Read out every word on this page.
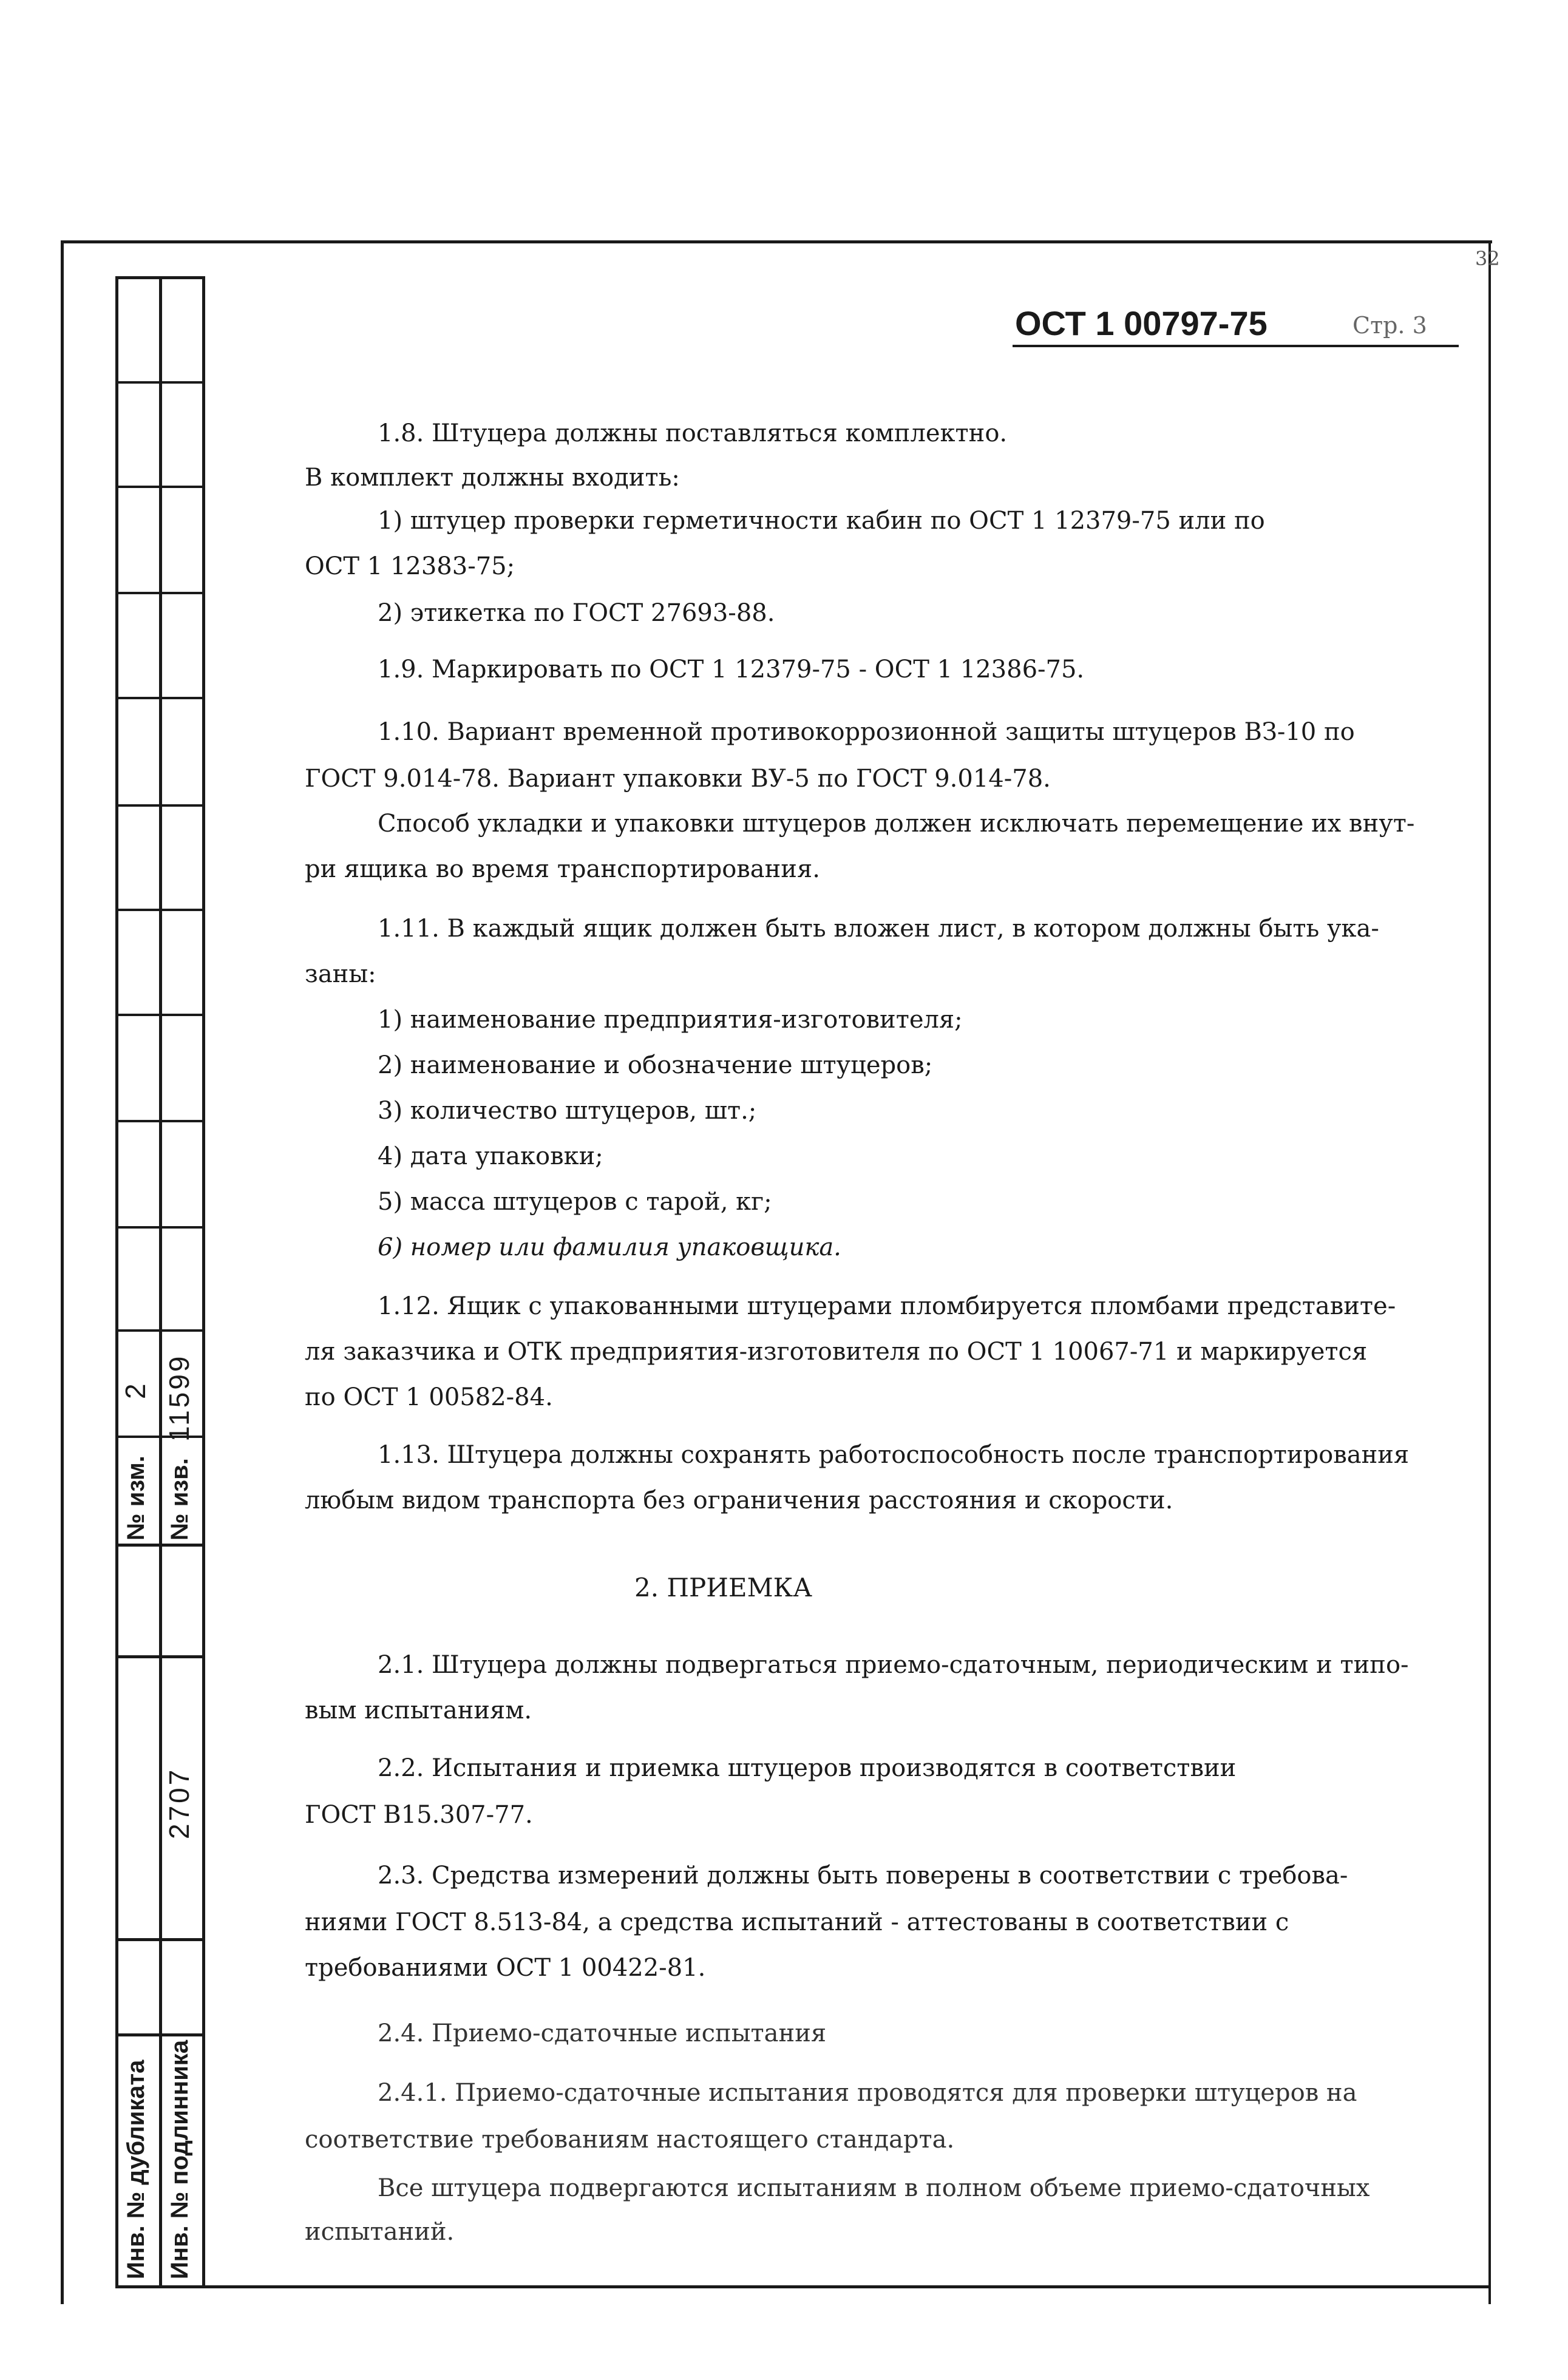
№ изм.
2
№ изв.
11599
2707
Инв. № дубликата Инв. № подлинника
32
ОСТ 1 00797-75	Стр. 3
1.8. Штуцера должны поставляться комплектно.
В комплект должны входить:
1) штуцер проверки герметичности кабин по ОСТ 1 12379-75 или по
ОСТ 1 12383-75;
2) этикетка по ГОСТ 27693-88.
1.9. Маркировать по ОСТ 1 12379-75 - ОСТ 1 12386-75.
1.10. Вариант временной противокоррозионной защиты штуцеров ВЗ-10 по
ГОСТ 9.014-78. Вариант упаковки ВУ-5 по ГОСТ 9.014-78.
Способ укладки и упаковки штуцеров должен исключать перемещение их внут-
ри ящика во время транспортирования.
1.11. В каждый ящик должен быть вложен лист, в котором должны быть ука-
заны:
1) наименование предприятия-изготовителя;
2) наименование и обозначение штуцеров;
3) количество штуцеров, шт.;
4) дата упаковки;
5) масса штуцеров с тарой, кг;
6) номер или фамилия упаковщика.
1.12. Ящик с упакованными штуцерами пломбируется пломбами представите-
ля заказчика и ОТК предприятия-изготовителя по ОСТ 1 10067-71 и маркируется
по ОСТ 1 00582-84.
1.13. Штуцера должны сохранять работоспособность после транспортирования
любым видом транспорта без ограничения расстояния и скорости.
2. ПРИЕМКА
2.1. Штуцера должны подвергаться приемо-сдаточным, периодическим и типо-
вым испытаниям.
2.2. Испытания и приемка штуцеров производятся в соответствии
ГОСТ В15.307-77.
2.3. Средства измерений должны быть поверены в соответствии с требова-
ниями ГОСТ 8.513-84, а средства испытаний - аттестованы в соответствии с
требованиями ОСТ 1 00422-81.
2.4. Приемо-сдаточные испытания
2.4.1. Приемо-сдаточные испытания проводятся для проверки штуцеров на
соответствие требованиям настоящего стандарта.
Все штуцера подвергаются испытаниям в полном объеме приемо-сдаточных
испытаний.
